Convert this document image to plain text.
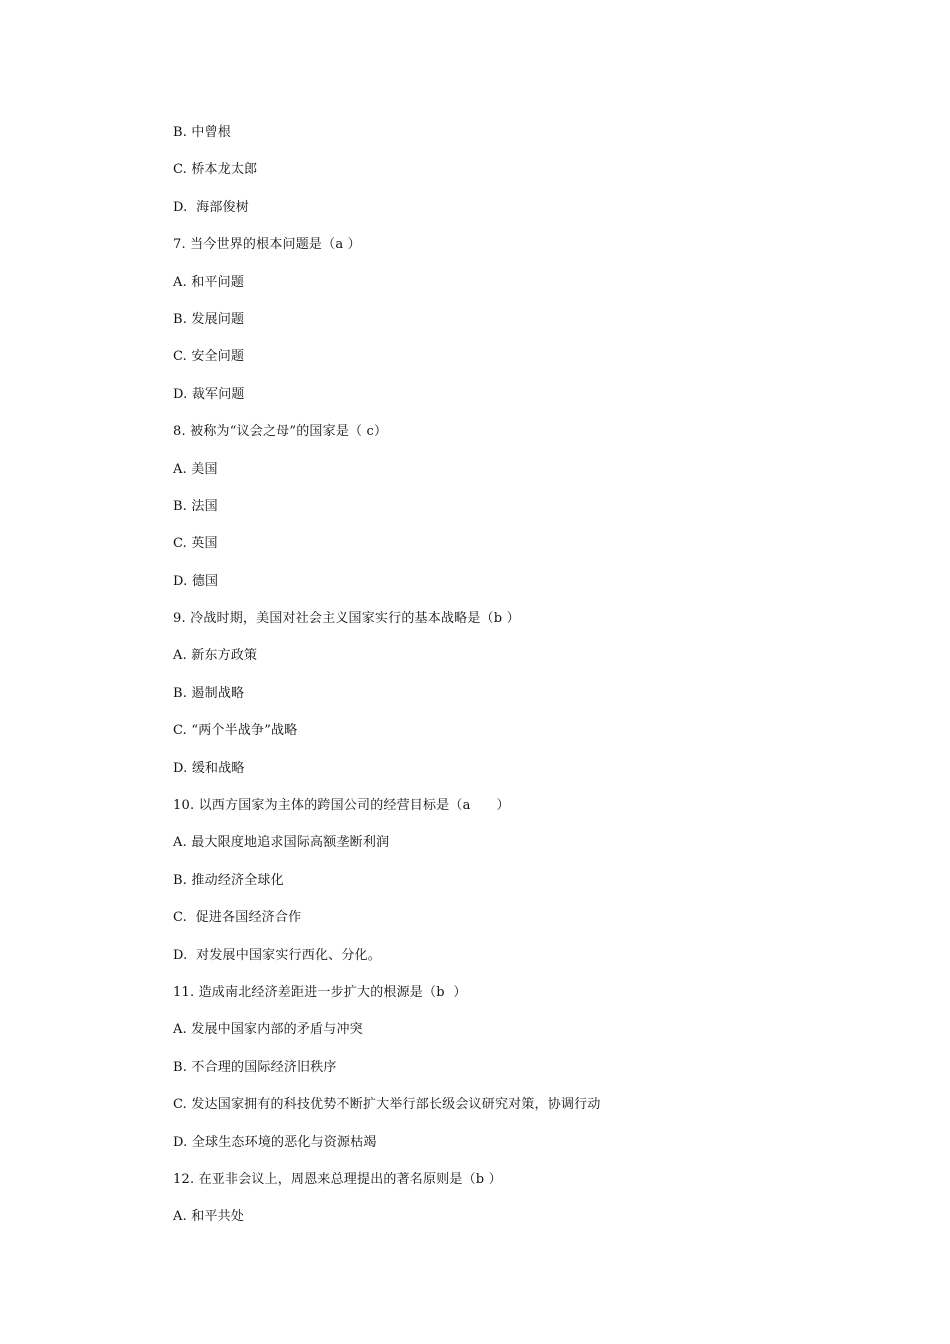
B. 中曾根
C. 桥本龙太郎
D.  海部俊树
7. 当今世界的根本问题是（a ）
A. 和平问题
B. 发展问题
C. 安全问题
D. 裁军问题
8. 被称为“议会之母”的国家是（ c）
A. 美国
B. 法国
C. 英国
D. 德国
9. 冷战时期，美国对社会主义国家实行的基本战略是（b ）
A. 新东方政策
B. 遏制战略
C. “两个半战争”战略
D. 缓和战略
10. 以西方国家为主体的跨国公司的经营目标是（a      ）
A. 最大限度地追求国际高额垄断利润
B. 推动经济全球化
C.  促进各国经济合作
D.  对发展中国家实行西化、分化。
11. 造成南北经济差距进一步扩大的根源是（b  ）
A. 发展中国家内部的矛盾与冲突
B. 不合理的国际经济旧秩序
C. 发达国家拥有的科技优势不断扩大举行部长级会议研究对策，协调行动
D. 全球生态环境的恶化与资源枯竭
12. 在亚非会议上，周恩来总理提出的著名原则是（b ）
A. 和平共处
